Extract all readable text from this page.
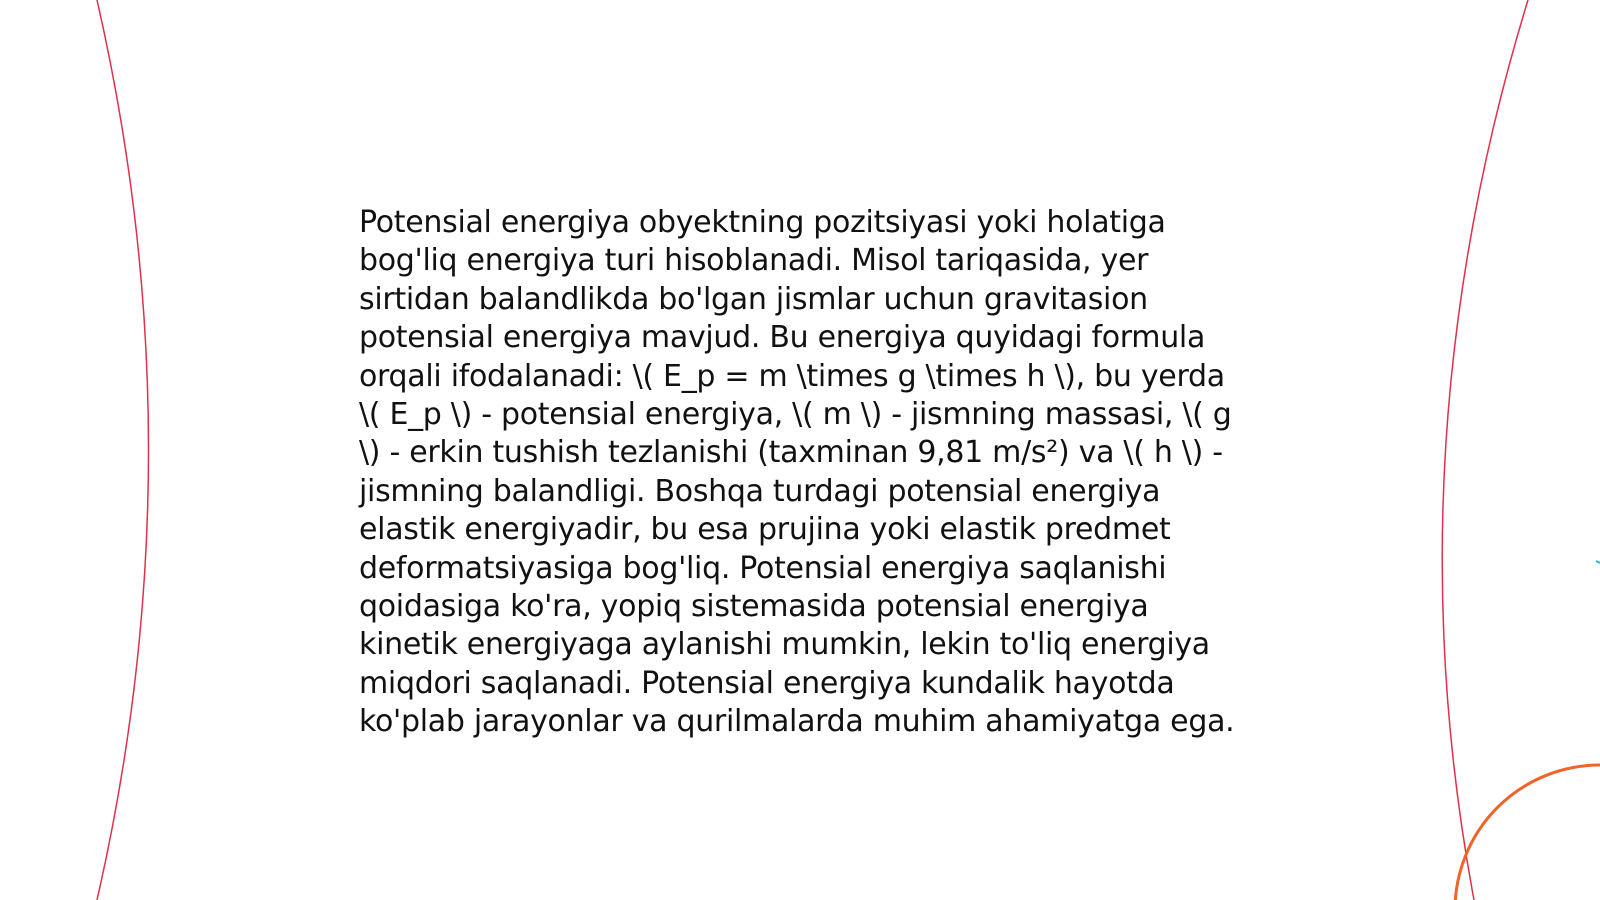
Potensial energiya obyektning pozitsiyasi yoki holatiga bog'liq energiya turi hisoblanadi. Misol tariqasida, yer sirtidan balandlikda bo'lgan jismlar uchun gravitasion potensial energiya mavjud. Bu energiya quyidagi formula orqali ifodalanadi: \( E_p = m \times g \times h \), bu yerda \( E_p \) - potensial energiya, \( m \) - jismning massasi, \( g \) - erkin tushish tezlanishi (taxminan 9,81 m/s²) va \( h \) - jismning balandligi. Boshqa turdagi potensial energiya elastik energiyadir, bu esa prujina yoki elastik predmet deformatsiyasiga bog'liq. Potensial energiya saqlanishi qoidasiga ko'ra, yopiq sistemasida potensial energiya kinetik energiyaga aylanishi mumkin, lekin to'liq energiya miqdori saqlanadi. Potensial energiya kundalik hayotda ko'plab jarayonlar va qurilmalarda muhim ahamiyatga ega.
